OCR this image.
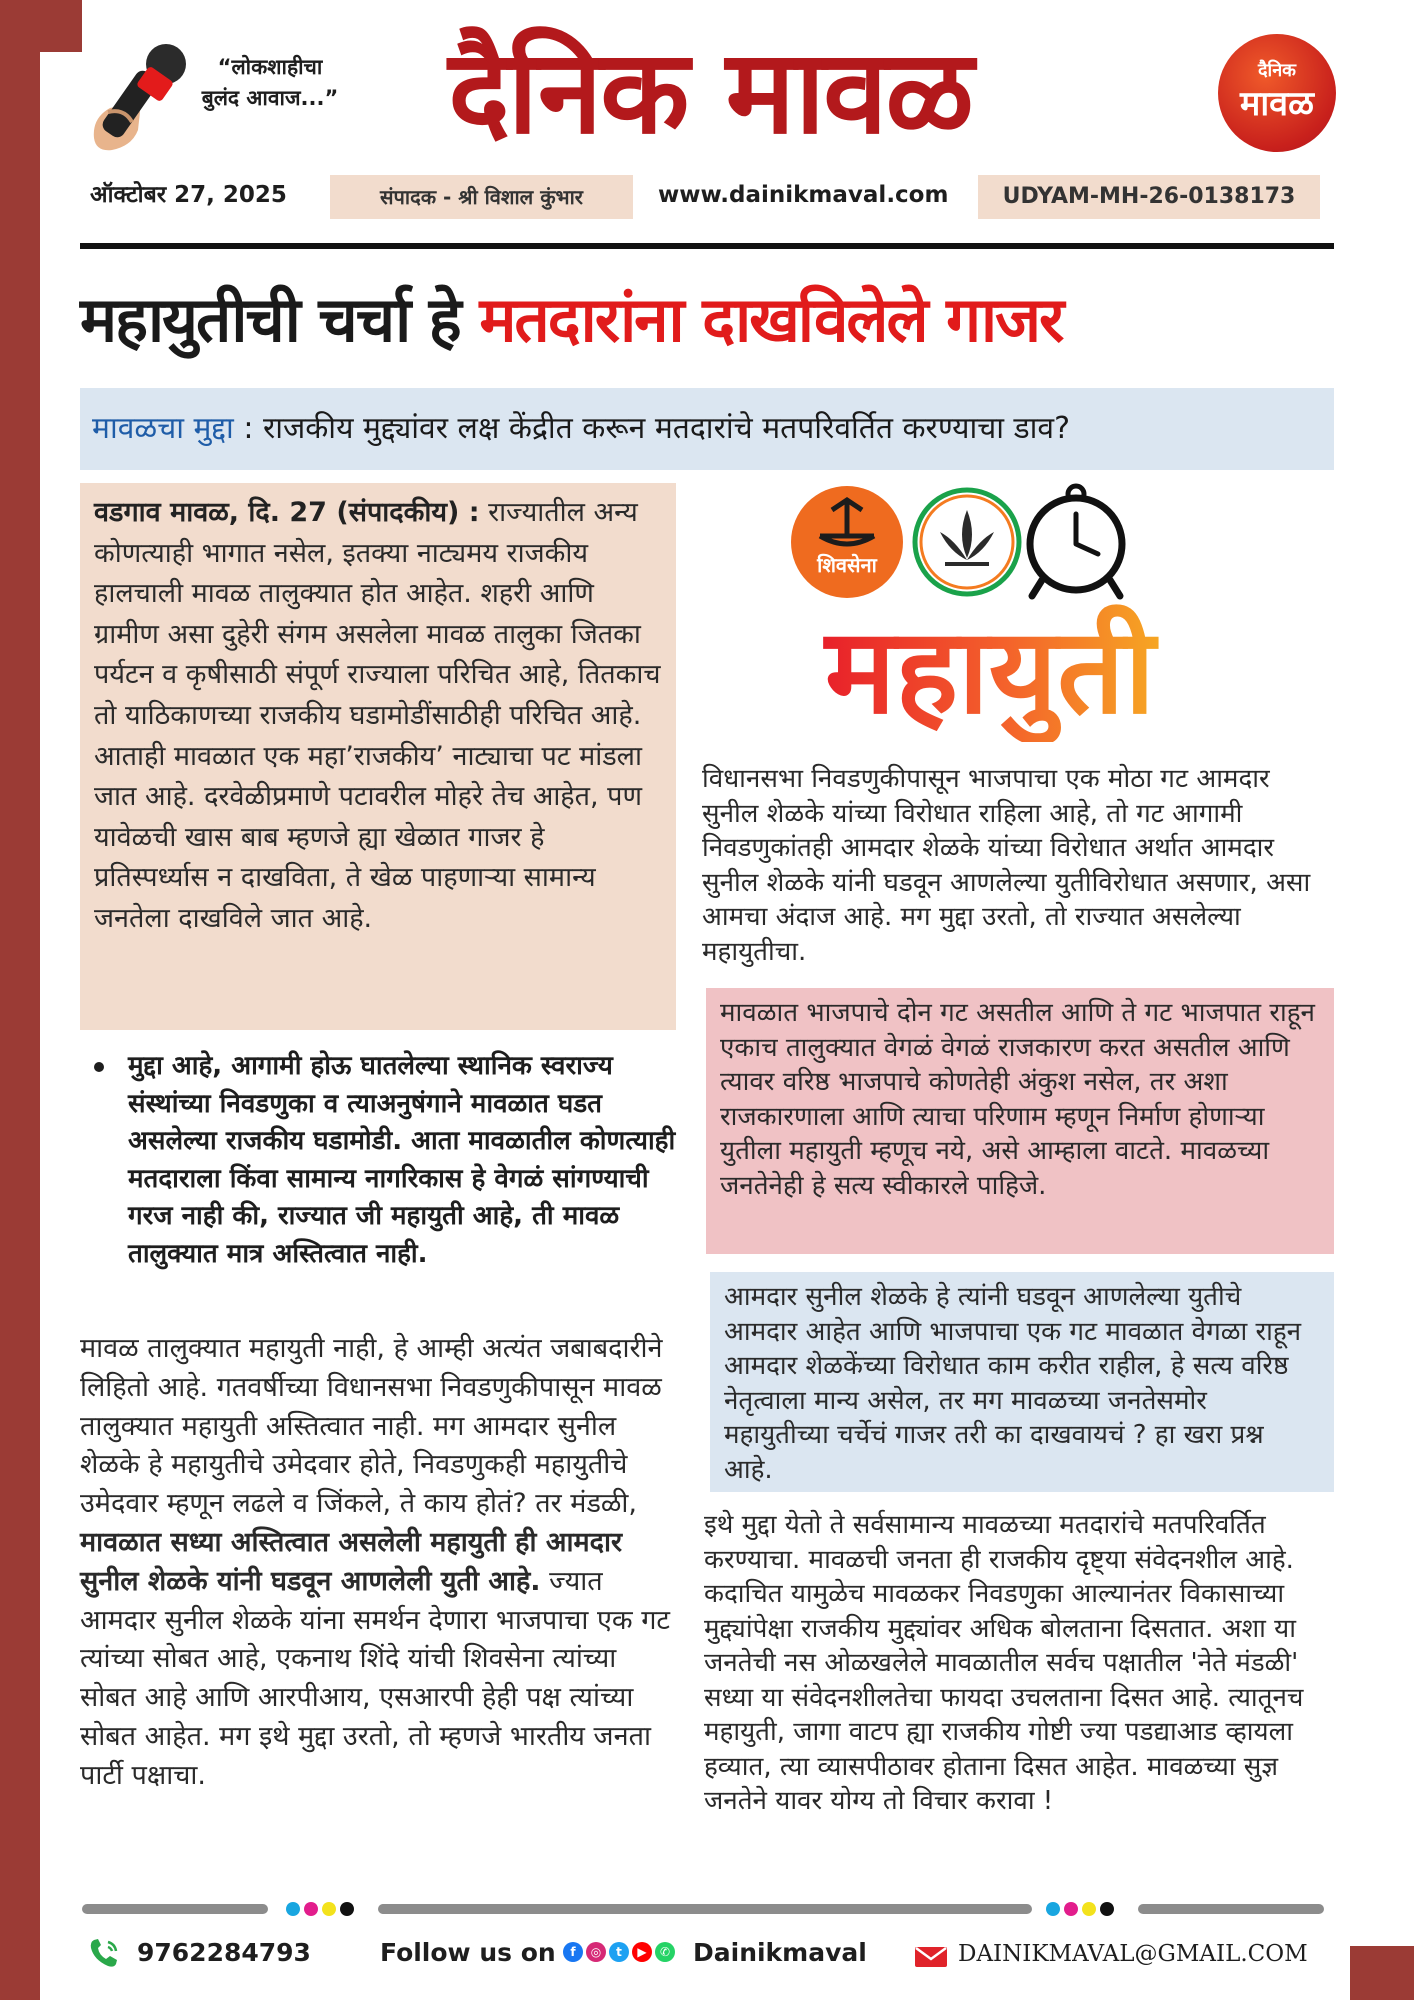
“लोकशाहीचा बुलंद आवाज...” दैनिक मावळ	दैनिक
मावळ
ऑक्टोबर 27, 2025	संपादक - श्री विशाल कुंभार	www.dainikmaval.com	UDYAM-MH-26-0138173
महायुतीची चर्चा हे मतदारांना दाखविलेले गाजर
मावळचा मुद्दा : राजकीय मुद्द्यांवर लक्ष केंद्रीत करून मतदारांचे मतपरिवर्तित करण्याचा डाव?
वडगाव मावळ, दि. 27 (संपादकीय) : राज्यातील अन्य कोणत्याही भागात नसेल, इतक्या नाट्यमय राजकीय हालचाली मावळ तालुक्यात होत आहेत. शहरी आणि ग्रामीण असा दुहेरी संगम असलेला मावळ तालुका जितका पर्यटन व कृषीसाठी संपूर्ण राज्याला परिचित आहे, तितकाच तो याठिकाणच्या राजकीय घडामोडींसाठीही परिचित आहे. आताही मावळात एक महा’राजकीय’ नाट्याचा पट मांडला जात आहे. दरवेळीप्रमाणे पटावरील मोहरे तेच आहेत, पण यावेळची खास बाब म्हणजे ह्या खेळात गाजर हे प्रतिस्पर्ध्यास न दाखविता, ते खेळ पाहणाऱ्या सामान्य जनतेला दाखविले जात आहे.
मुद्दा आहे, आगामी होऊ घातलेल्या स्थानिक स्वराज्य संस्थांच्या निवडणुका व त्याअनुषंगाने मावळात घडत असलेल्या राजकीय घडामोडी. आता मावळातील कोणत्याही मतदाराला किंवा सामान्य नागरिकास हे वेगळं सांगण्याची गरज नाही की, राज्यात जी महायुती आहे, ती मावळ तालुक्यात मात्र अस्तित्वात नाही.
मावळ तालुक्यात महायुती नाही, हे आम्ही अत्यंत जबाबदारीने लिहितो आहे. गतवर्षीच्या विधानसभा निवडणुकीपासून मावळ तालुक्यात महायुती अस्तित्वात नाही. मग आमदार सुनील शेळके हे महायुतीचे उमेदवार होते, निवडणुकही महायुतीचे उमेदवार म्हणून लढले व जिंकले, ते काय होतं? तर मंडळी, मावळात सध्या अस्तित्वात असलेली महायुती ही आमदार सुनील शेळके यांनी घडवून आणलेली युती आहे. ज्यात आमदार सुनील शेळके यांना समर्थन देणारा भाजपाचा एक गट त्यांच्या सोबत आहे, एकनाथ शिंदे यांची शिवसेना त्यांच्या सोबत आहे आणि आरपीआय, एसआरपी हेही पक्ष त्यांच्या सोबत आहेत. मग इथे मुद्दा उरतो, तो म्हणजे भारतीय जनता पार्टी पक्षाचा.
शिवसेना
महायुती
विधानसभा निवडणुकीपासून भाजपाचा एक मोठा गट आमदार सुनील शेळके यांच्या विरोधात राहिला आहे, तो गट आगामी निवडणुकांतही आमदार शेळके यांच्या विरोधात अर्थात आमदार सुनील शेळके यांनी घडवून आणलेल्या युतीविरोधात असणार, असा आमचा अंदाज आहे. मग मुद्दा उरतो, तो राज्यात असलेल्या महायुतीचा.
मावळात भाजपाचे दोन गट असतील आणि ते गट भाजपात राहून एकाच तालुक्यात वेगळं वेगळं राजकारण करत असतील आणि त्यावर वरिष्ठ भाजपाचे कोणतेही अंकुश नसेल, तर अशा राजकारणाला आणि त्याचा परिणाम म्हणून निर्माण होणाऱ्या युतीला महायुती म्हणूच नये, असे आम्हाला वाटते. मावळच्या जनतेनेही हे सत्य स्वीकारले पाहिजे.
आमदार सुनील शेळके हे त्यांनी घडवून आणलेल्या युतीचे आमदार आहेत आणि भाजपाचा एक गट मावळात वेगळा राहून आमदार शेळकेंच्या विरोधात काम करीत राहील, हे सत्य वरिष्ठ नेतृत्वाला मान्य असेल, तर मग मावळच्या जनतेसमोर महायुतीच्या चर्चेचं गाजर तरी का दाखवायचं ? हा खरा प्रश्न आहे.
इथे मुद्दा येतो ते सर्वसामान्य मावळच्या मतदारांचे मतपरिवर्तित करण्याचा. मावळची जनता ही राजकीय दृष्ट्या संवेदनशील आहे. कदाचित यामुळेच मावळकर निवडणुका आल्यानंतर विकासाच्या मुद्द्यांपेक्षा राजकीय मुद्द्यांवर अधिक बोलताना दिसतात. अशा या जनतेची नस ओळखलेले मावळातील सर्वच पक्षातील 'नेते मंडळी' सध्या या संवेदनशीलतेचा फायदा उचलताना दिसत आहे. त्यातूनच महायुती, जागा वाटप ह्या राजकीय गोष्टी ज्या पडद्याआड व्हायला हव्यात, त्या व्यासपीठावर होताना दिसत आहेत. मावळच्या सुज्ञ जनतेने यावर योग्य तो विचार करावा !
9762284793	Follow us on	f ◎ t ▶ ✆ Dainikmaval	DAINIKMAVAL@GMAIL.COM
